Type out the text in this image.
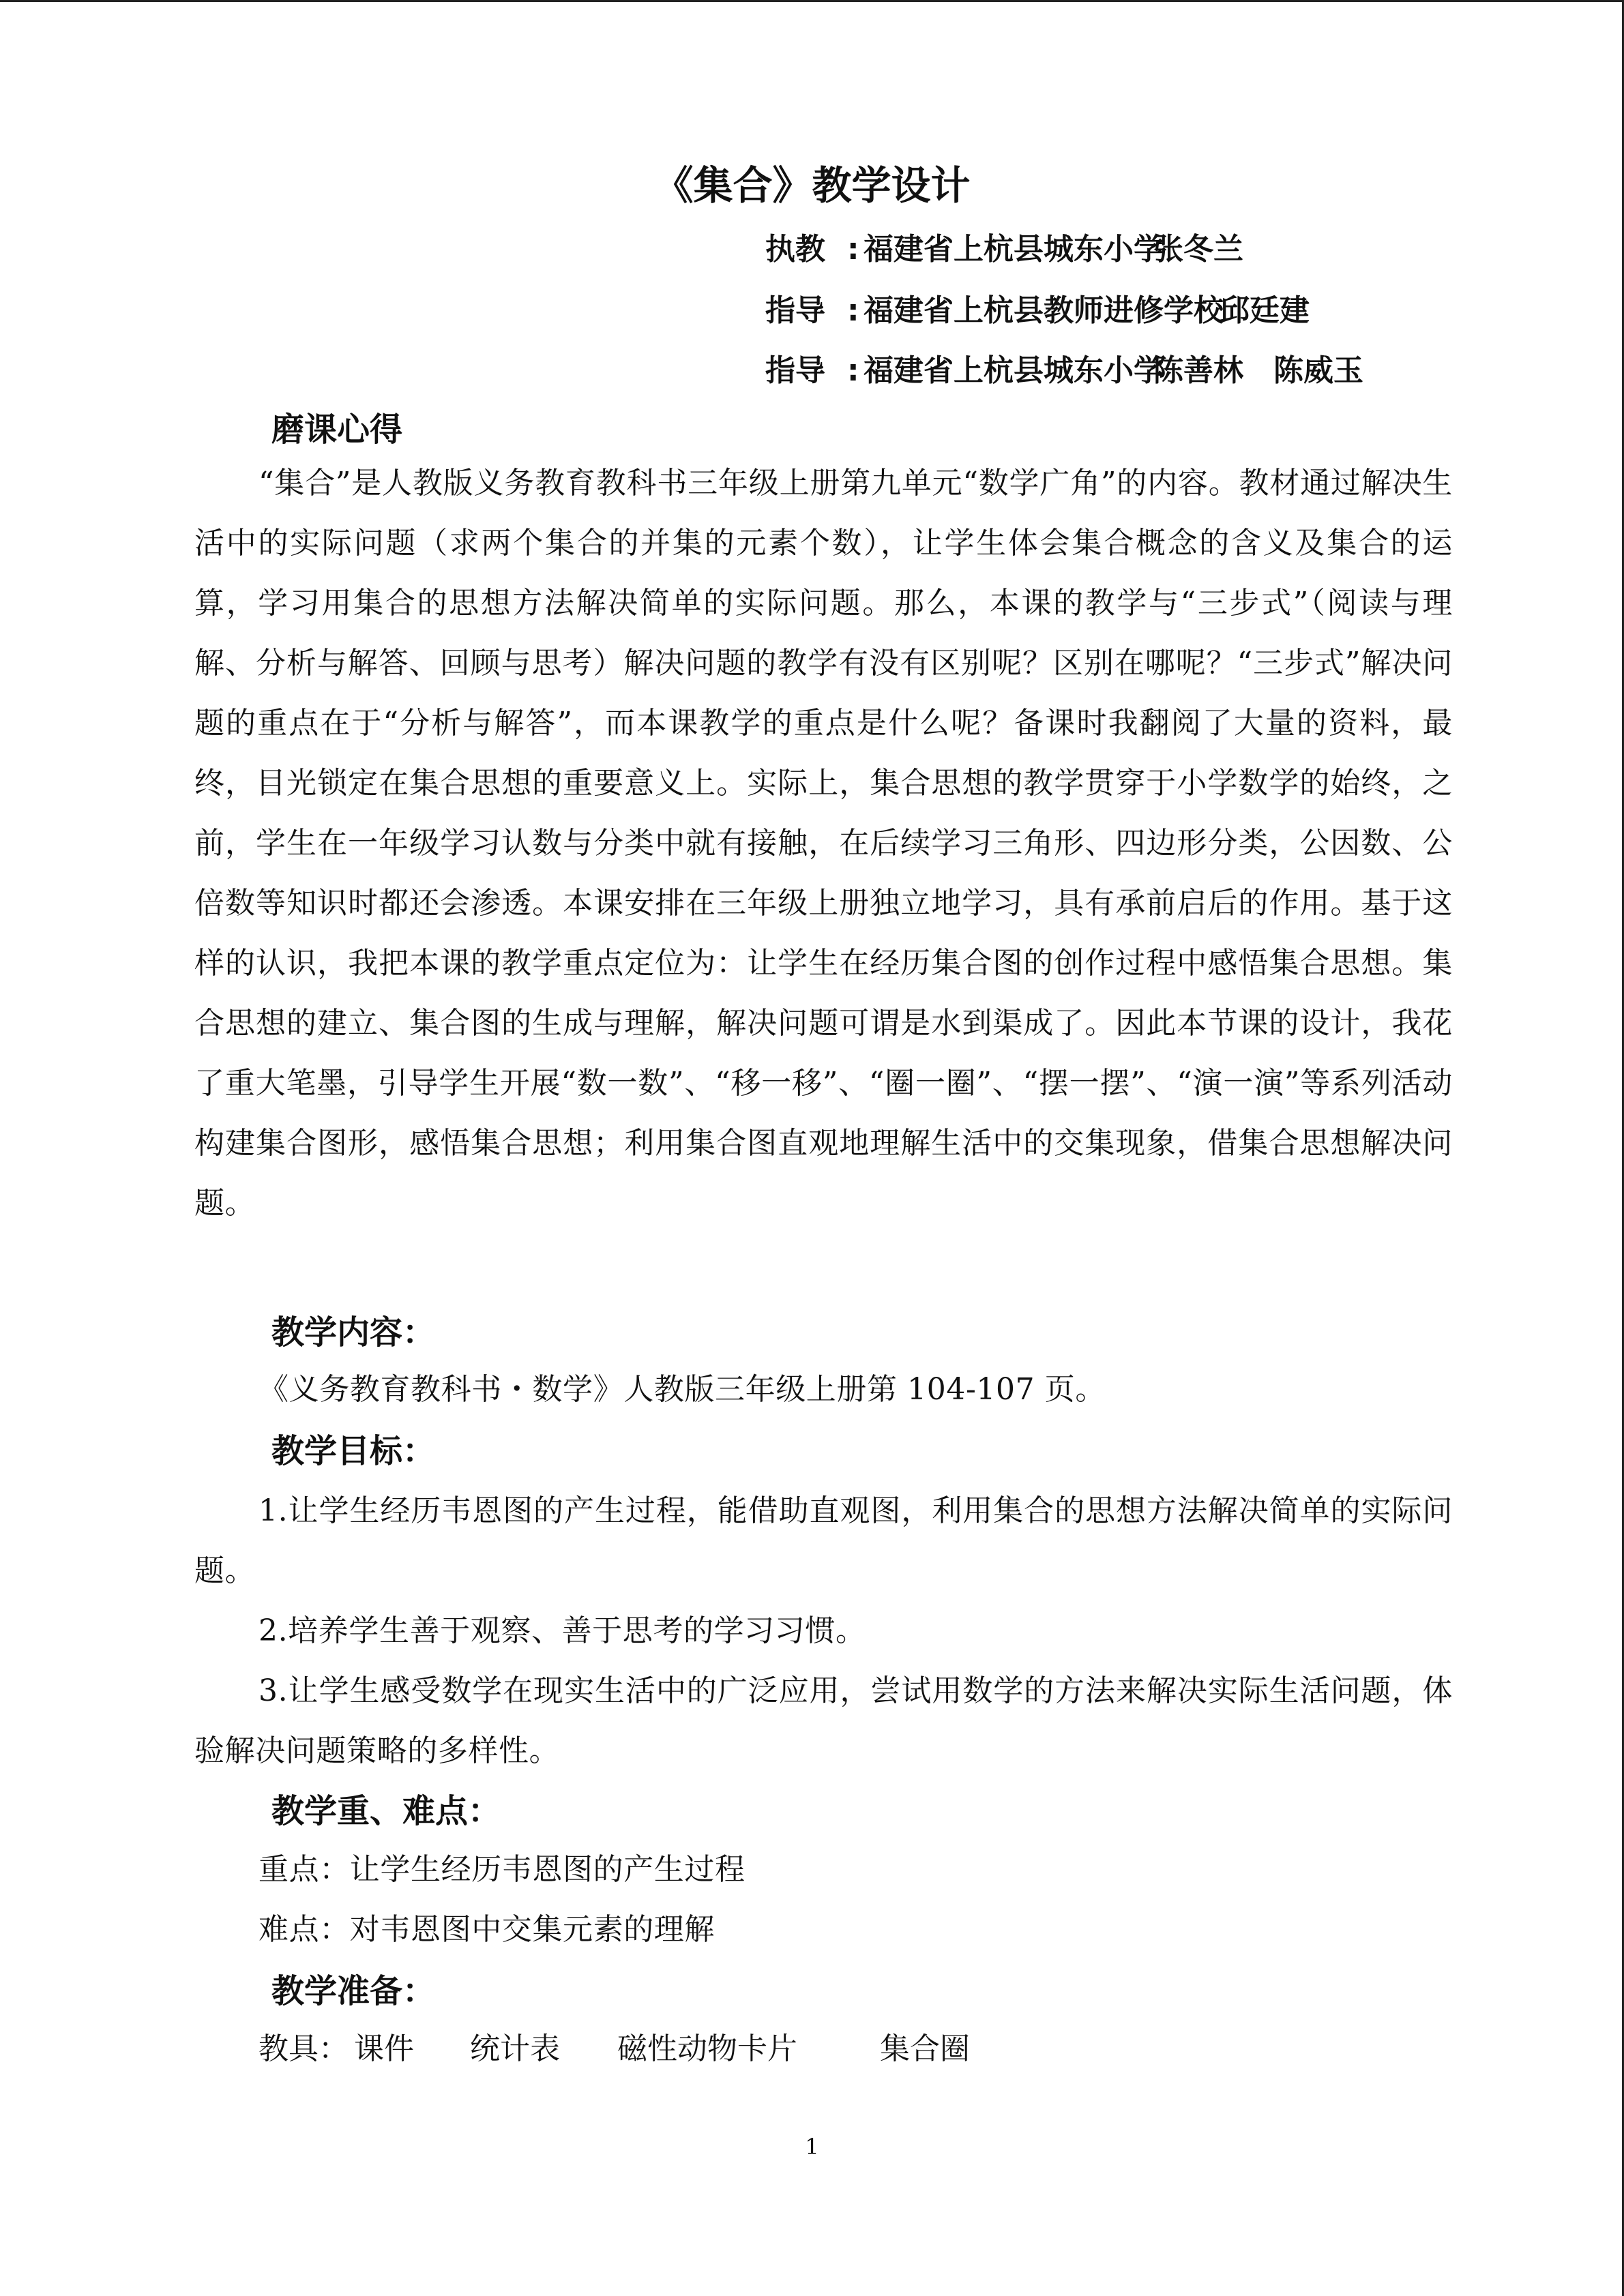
《集合》教学设计
执教 : 福建省上杭县城东小学张冬兰
指导 : 福建省上杭县教师进修学校邱廷建
指导 : 福建省上杭县城东小学陈善林　陈威玉
磨课心得
“集合”是人教版义务教育教科书三年级上册第九单元“数学广角”的内容。教材通过解决生活中的实际问题（求两个集合的并集的元素个数），让学生体会集合概念的含义及集合的运算，学习用集合的思想方法解决简单的实际问题。那么，本课的教学与“三步式”（阅读与理解、分析与解答、回顾与思考）解决问题的教学有没有区别呢？区别在哪呢？“三步式”解决问题的重点在于“分析与解答”，而本课教学的重点是什么呢？备课时我翻阅了大量的资料，最终，目光锁定在集合思想的重要意义上。实际上，集合思想的教学贯穿于小学数学的始终，之前，学生在一年级学习认数与分类中就有接触，在后续学习三角形、四边形分类，公因数、公倍数等知识时都还会渗透。本课安排在三年级上册独立地学习，具有承前启后的作用。基于这样的认识，我把本课的教学重点定位为：让学生在经历集合图的创作过程中感悟集合思想。集合思想的建立、集合图的生成与理解，解决问题可谓是水到渠成了。因此本节课的设计，我花了重大笔墨，引导学生开展“数一数”、“移一移”、“圈一圈”、“摆一摆”、“演一演”等系列活动构建集合图形，感悟集合思想；利用集合图直观地理解生活中的交集现象，借集合思想解决问题。
教学内容：
《义务教育教科书・数学》人教版三年级上册第 104-107 页。
教学目标：
1.让学生经历韦恩图的产生过程，能借助直观图，利用集合的思想方法解决简单的实际问题。
2.培养学生善于观察、善于思考的学习习惯。
3.让学生感受数学在现实生活中的广泛应用，尝试用数学的方法来解决实际生活问题，体验解决问题策略的多样性。
教学重、难点：
重点：让学生经历韦恩图的产生过程
难点：对韦恩图中交集元素的理解
教学准备：
教具： 课件 统计表 磁性动物卡片	集合圈
1
